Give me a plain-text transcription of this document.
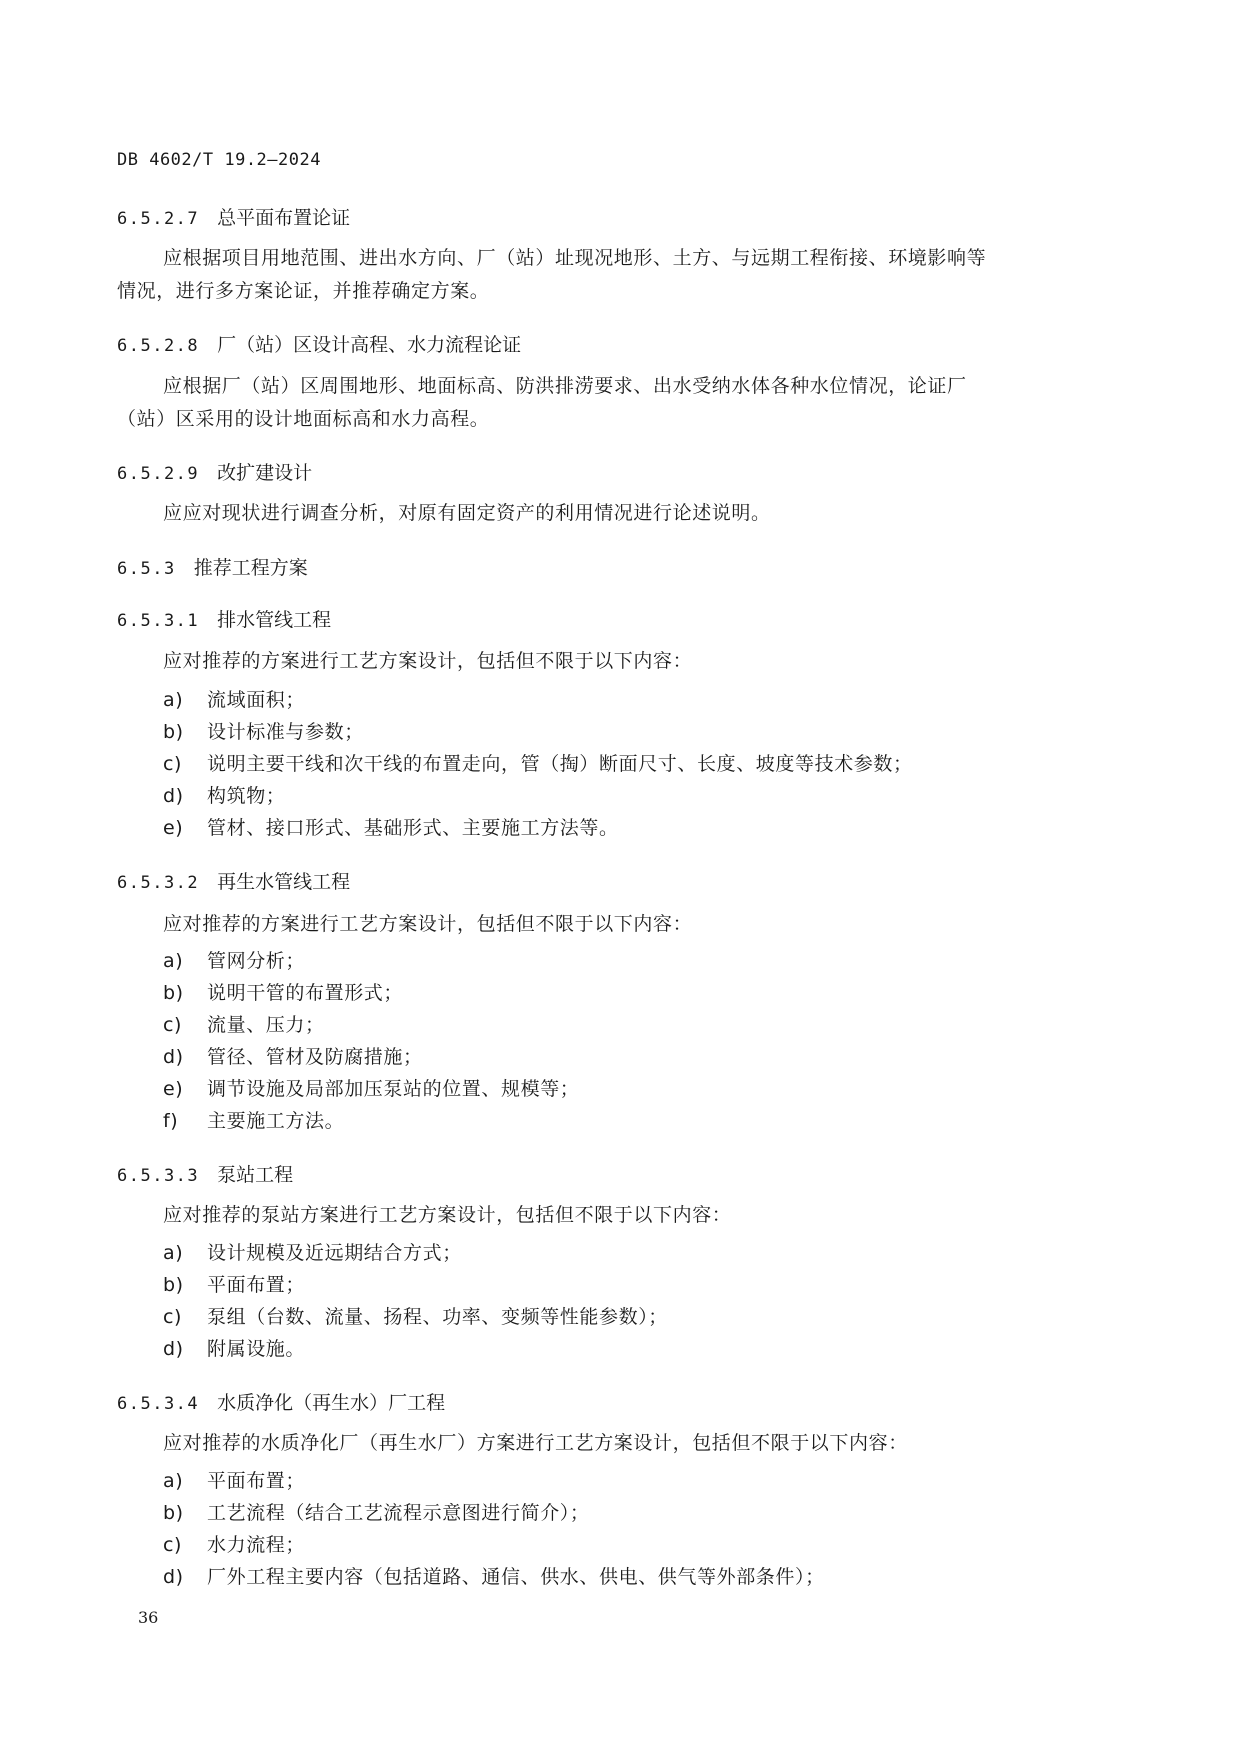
DB 4602/T 19.2—2024
6.5.2.7 总平面布置论证
应根据项目用地范围、进出水方向、厂（站）址现况地形、土方、与远期工程衔接、环境影响等
情况，进行多方案论证，并推荐确定方案。
6.5.2.8 厂（站）区设计高程、水力流程论证
应根据厂（站）区周围地形、地面标高、防洪排涝要求、出水受纳水体各种水位情况，论证厂
（站）区采用的设计地面标高和水力高程。
6.5.2.9 改扩建设计
应应对现状进行调查分析，对原有固定资产的利用情况进行论述说明。
6.5.3 推荐工程方案
6.5.3.1 排水管线工程
应对推荐的方案进行工艺方案设计，包括但不限于以下内容：
a) 流域面积；
b) 设计标准与参数；
c) 说明主要干线和次干线的布置走向，管（掏）断面尺寸、长度、坡度等技术参数；
d) 构筑物；
e) 管材、接口形式、基础形式、主要施工方法等。
6.5.3.2 再生水管线工程
应对推荐的方案进行工艺方案设计，包括但不限于以下内容：
a) 管网分析；
b) 说明干管的布置形式；
c) 流量、压力；
d) 管径、管材及防腐措施；
e) 调节设施及局部加压泵站的位置、规模等；
f) 主要施工方法。
6.5.3.3 泵站工程
应对推荐的泵站方案进行工艺方案设计，包括但不限于以下内容：
a) 设计规模及近远期结合方式；
b) 平面布置；
c) 泵组（台数、流量、扬程、功率、变频等性能参数）；
d) 附属设施。
6.5.3.4 水质净化（再生水）厂工程
应对推荐的水质净化厂（再生水厂）方案进行工艺方案设计，包括但不限于以下内容：
a) 平面布置；
b) 工艺流程（结合工艺流程示意图进行简介）；
c) 水力流程；
d) 厂外工程主要内容（包括道路、通信、供水、供电、供气等外部条件）；
36
